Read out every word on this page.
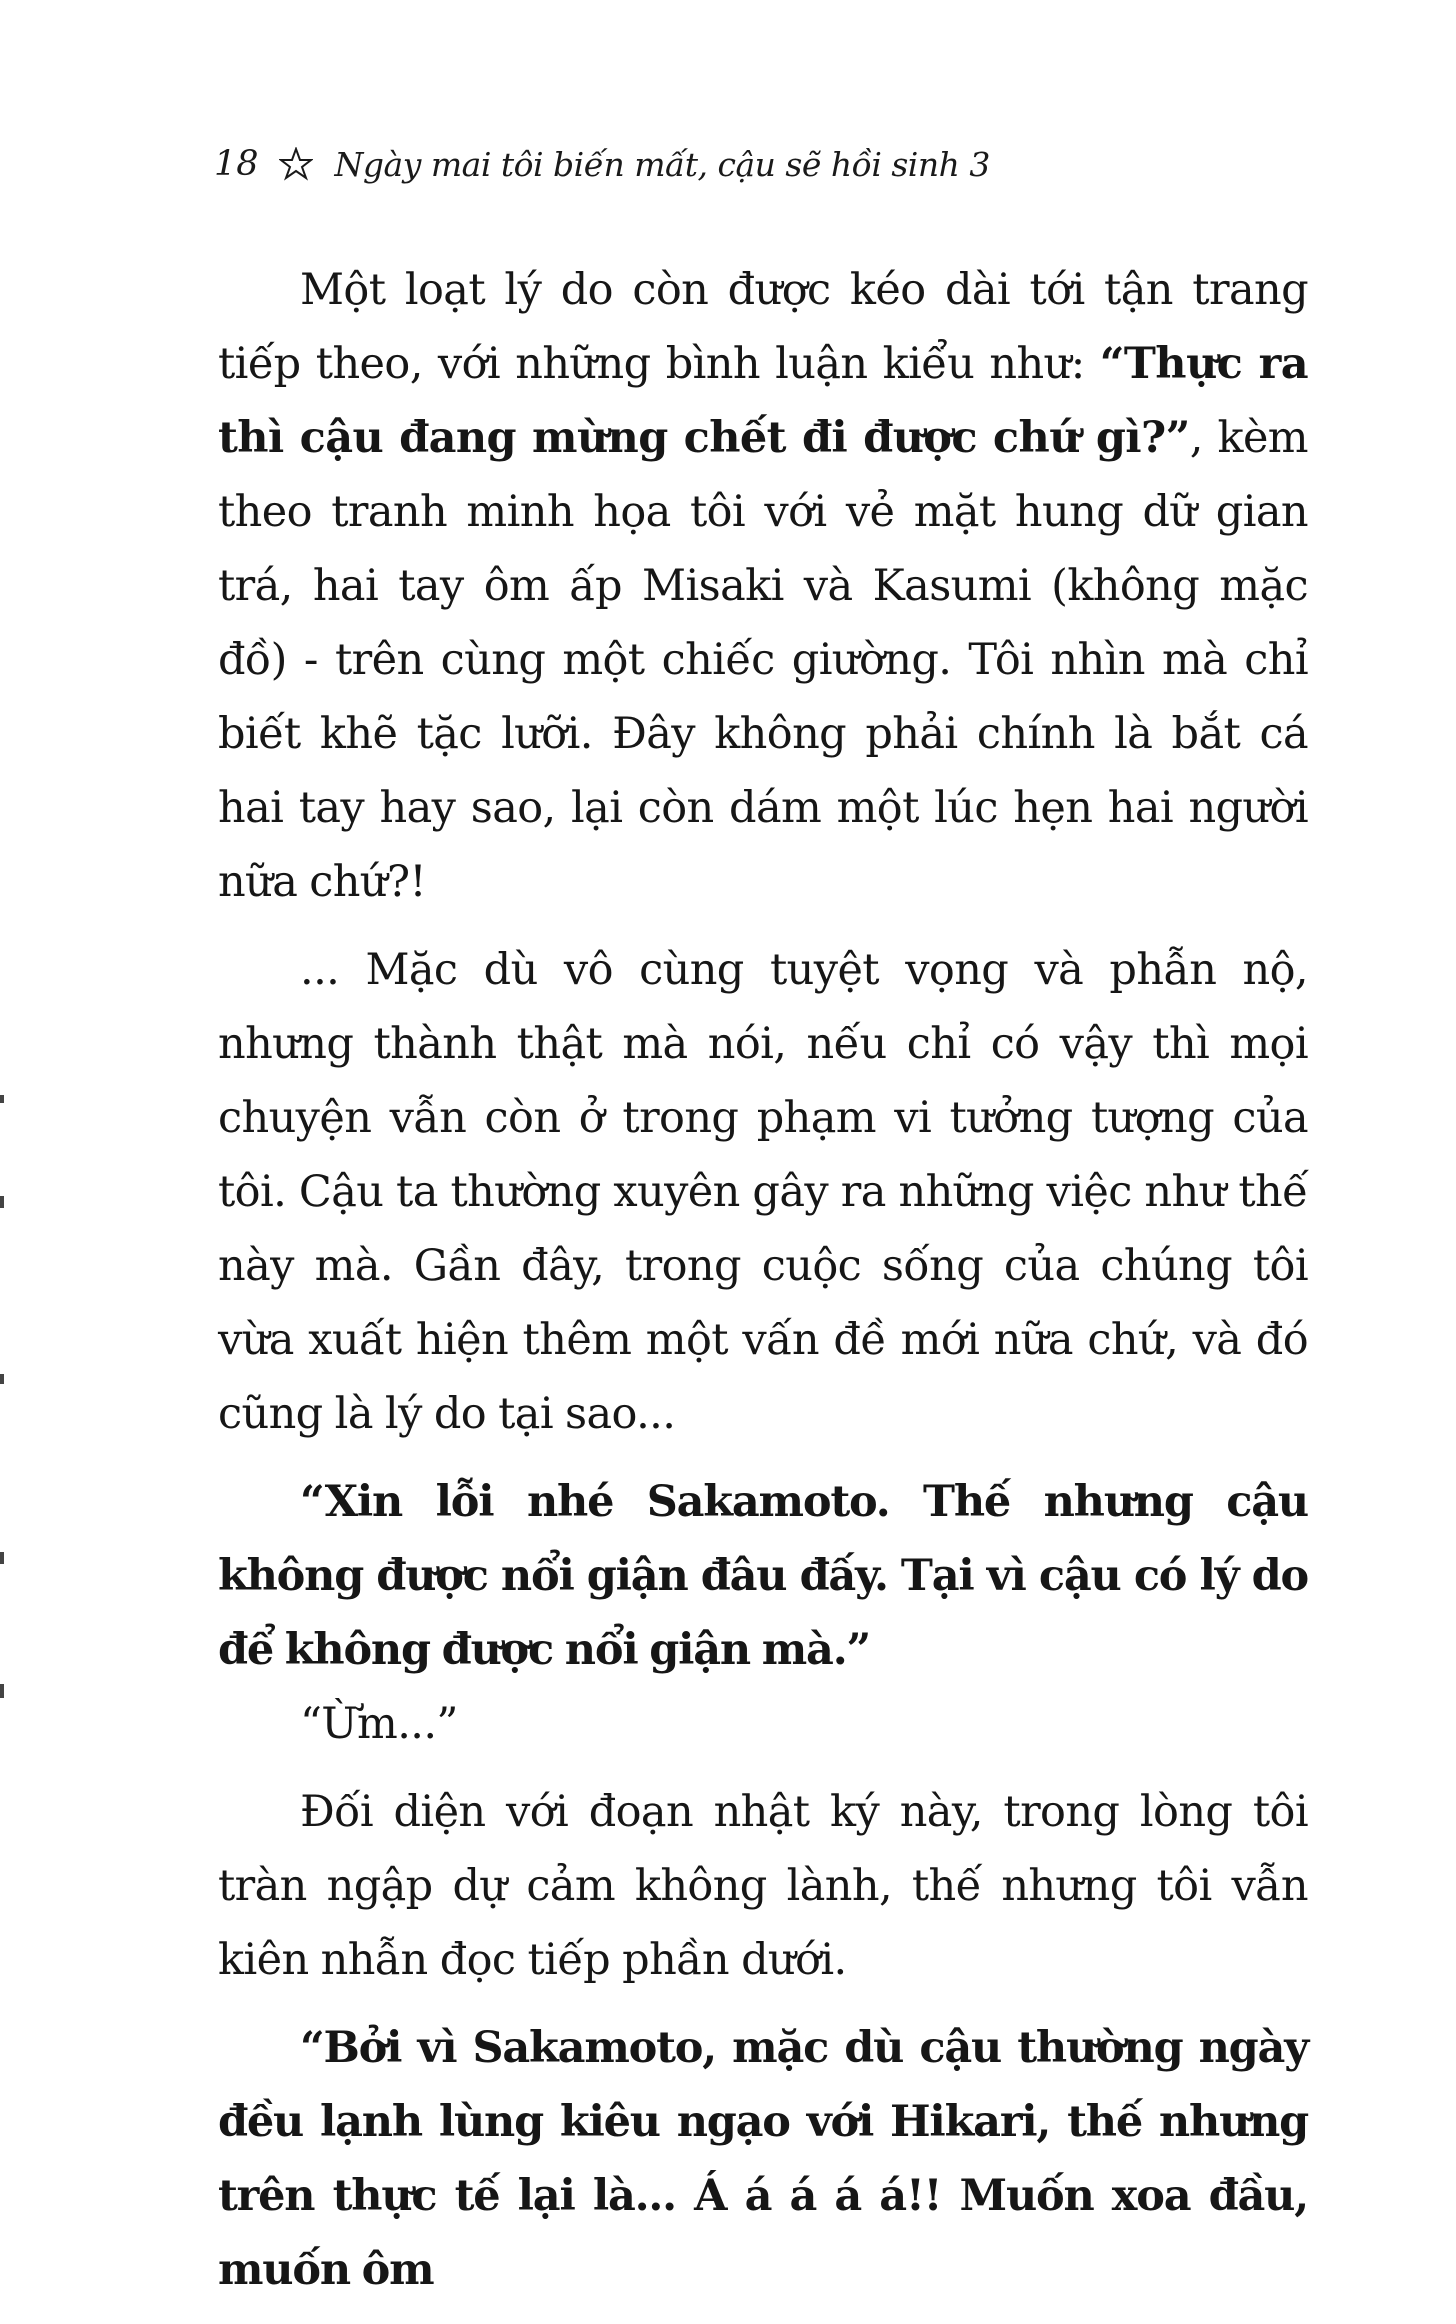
18 Ngày mai tôi biến mất, cậu sẽ hồi sinh 3

Một loạt lý do còn được kéo dài tới tận trang tiếp theo, với những bình luận kiểu như: “Thực ra thì cậu đang mừng chết đi được chứ gì?”, kèm theo tranh minh họa tôi với vẻ mặt hung dữ gian trá, hai tay ôm ấp Misaki và Kasumi (không mặc đồ) - trên cùng một chiếc giường. Tôi nhìn mà chỉ biết khẽ tặc lưỡi. Đây không phải chính là bắt cá hai tay hay sao, lại còn dám một lúc hẹn hai người nữa chứ?!

... Mặc dù vô cùng tuyệt vọng và phẫn nộ, nhưng thành thật mà nói, nếu chỉ có vậy thì mọi chuyện vẫn còn ở trong phạm vi tưởng tượng của tôi. Cậu ta thường xuyên gây ra những việc như thế này mà. Gần đây, trong cuộc sống của chúng tôi vừa xuất hiện thêm một vấn đề mới nữa chứ, và đó cũng là lý do tại sao...

“Xin lỗi nhé Sakamoto. Thế nhưng cậu không được nổi giận đâu đấy. Tại vì cậu có lý do để không được nổi giận mà.”

“Ừm...”

Đối diện với đoạn nhật ký này, trong lòng tôi tràn ngập dự cảm không lành, thế nhưng tôi vẫn kiên nhẫn đọc tiếp phần dưới.

“Bởi vì Sakamoto, mặc dù cậu thường ngày đều lạnh lùng kiêu ngạo với Hikari, thế nhưng trên thực tế lại là... Á á á á á!! Muốn xoa đầu, muốn ôm
